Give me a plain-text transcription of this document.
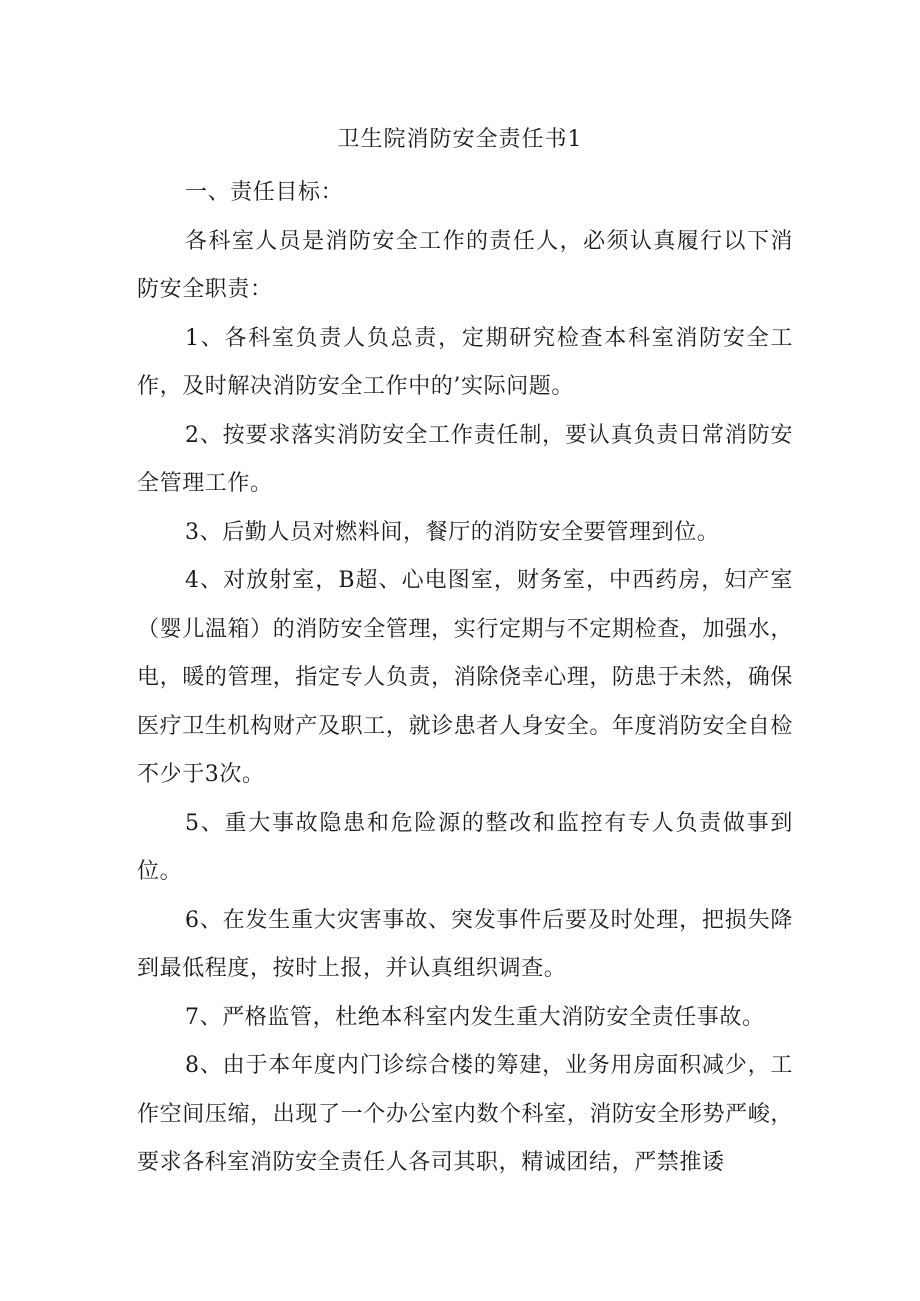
卫生院消防安全责任书1

一、责任目标：

各科室人员是消防安全工作的责任人，必须认真履行以下消防安全职责：

1、各科室负责人负总责，定期研究检查本科室消防安全工作，及时解决消防安全工作中的’实际问题。

2、按要求落实消防安全工作责任制，要认真负责日常消防安全管理工作。

3、后勤人员对燃料间，餐厅的消防安全要管理到位。

4、对放射室，B超、心电图室，财务室，中西药房，妇产室（婴儿温箱）的消防安全管理，实行定期与不定期检查，加强水，电，暖的管理，指定专人负责，消除侥幸心理，防患于未然，确保医疗卫生机构财产及职工，就诊患者人身安全。年度消防安全自检不少于3次。

5、重大事故隐患和危险源的整改和监控有专人负责做事到位。

6、在发生重大灾害事故、突发事件后要及时处理，把损失降到最低程度，按时上报，并认真组织调查。

7、严格监管，杜绝本科室内发生重大消防安全责任事故。

8、由于本年度内门诊综合楼的筹建，业务用房面积减少，工作空间压缩，出现了一个办公室内数个科室，消防安全形势严峻，要求各科室消防安全责任人各司其职，精诚团结，严禁推诿
